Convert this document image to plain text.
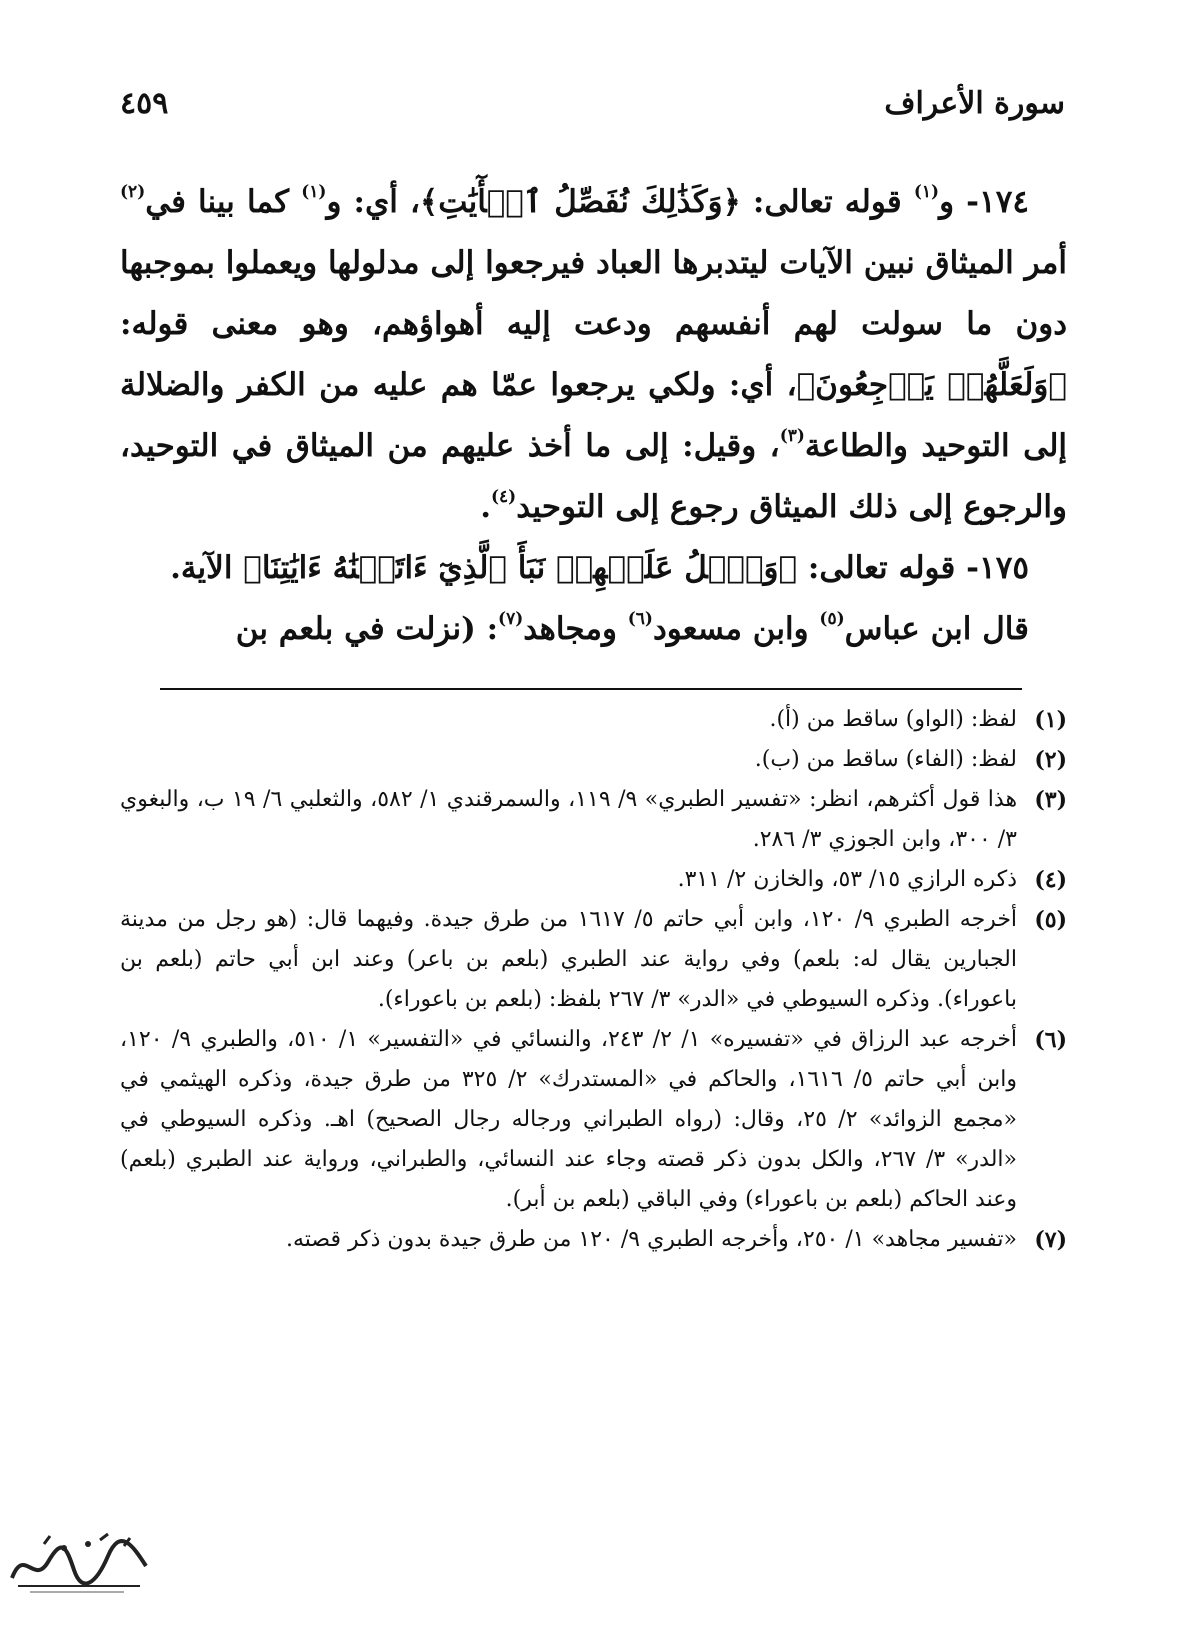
سورة الأعراف
٤٥٩

١٧٤- و$^{(١)}$ قوله تعالى: ﴿وَكَذَٰلِكَ نُفَصِّلُ ٱلۡأٓيَٰتِ﴾، أي: و$^{(١)}$ كما بينا في$^{(٢)}$ أمر الميثاق نبين الآيات ليتدبرها العباد فيرجعوا إلى مدلولها ويعملوا بموجبها دون ما سولت لهم أنفسهم ودعت إليه أهواؤهم، وهو معنى قوله: ﴿وَلَعَلَّهُمۡ يَرۡجِعُونَ﴾، أي: ولكي يرجعوا عمّا هم عليه من الكفر والضلالة إلى التوحيد والطاعة$^{(٣)}$، وقيل: إلى ما أخذ عليهم من الميثاق في التوحيد، والرجوع إلى ذلك الميثاق رجوع إلى التوحيد$^{(٤)}$.

١٧٥- قوله تعالى: ﴿وَٱتۡلُ عَلَيۡهِمۡ نَبَأَ ٱلَّذِيٓ ءَاتَيۡنَٰهُ ءَايَٰتِنَا﴾ الآية.

قال ابن عباس$^{(٥)}$ وابن مسعود$^{(٦)}$ ومجاهد$^{(٧)}$: (نزلت في بلعم بن

(١)
لفظ: (الواو) ساقط من (أ).
(٢)
لفظ: (الفاء) ساقط من (ب).
(٣)
هذا قول أكثرهم، انظر: «تفسير الطبري» ٩/ ١١٩، والسمرقندي ١/ ٥٨٢، والثعلبي ٦/ ١٩ ب، والبغوي ٣/ ٣٠٠، وابن الجوزي ٣/ ٢٨٦.
(٤)
ذكره الرازي ١٥/ ٥٣، والخازن ٢/ ٣١١.
(٥)
أخرجه الطبري ٩/ ١٢٠، وابن أبي حاتم ٥/ ١٦١٧ من طرق جيدة. وفيهما قال: (هو رجل من مدينة الجبارين يقال له: بلعم) وفي رواية عند الطبري (بلعم بن باعر) وعند ابن أبي حاتم (بلعم بن باعوراء). وذكره السيوطي في «الدر» ٣/ ٢٦٧ بلفظ: (بلعم بن باعوراء).
(٦)
أخرجه عبد الرزاق في «تفسيره» ١/ ٢/ ٢٤٣، والنسائي في «التفسير» ١/ ٥١٠، والطبري ٩/ ١٢٠، وابن أبي حاتم ٥/ ١٦١٦، والحاكم في «المستدرك» ٢/ ٣٢٥ من طرق جيدة، وذكره الهيثمي في «مجمع الزوائد» ٢/ ٢٥، وقال: (رواه الطبراني ورجاله رجال الصحيح) اهـ. وذكره السيوطي في «الدر» ٣/ ٢٦٧، والكل بدون ذكر قصته وجاء عند النسائي، والطبراني، ورواية عند الطبري (بلعم) وعند الحاكم (بلعم بن باعوراء) وفي الباقي (بلعم بن أبر).
(٧)
«تفسير مجاهد» ١/ ٢٥٠، وأخرجه الطبري ٩/ ١٢٠ من طرق جيدة بدون ذكر قصته.
